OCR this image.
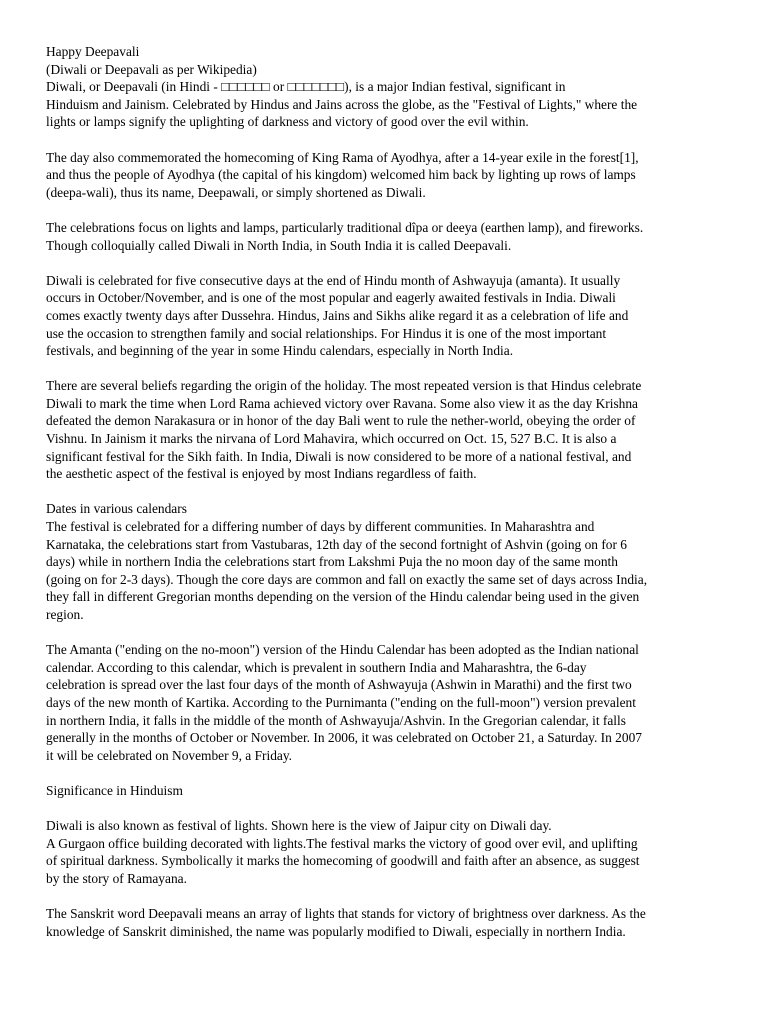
Happy Deepavali
(Diwali or Deepavali as per Wikipedia)
Diwali, or Deepavali (in Hindi - □□□□□□ or □□□□□□□), is a major Indian festival, significant in
Hinduism and Jainism. Celebrated by Hindus and Jains across the globe, as the "Festival of Lights," where the
lights or lamps signify the uplighting of darkness and victory of good over the evil within.
The day also commemorated the homecoming of King Rama of Ayodhya, after a 14-year exile in the forest[1],
and thus the people of Ayodhya (the capital of his kingdom) welcomed him back by lighting up rows of lamps
(deepa-wali), thus its name, Deepawali, or simply shortened as Diwali.
The celebrations focus on lights and lamps, particularly traditional dîpa or deeya (earthen lamp), and fireworks.
Though colloquially called Diwali in North India, in South India it is called Deepavali.
Diwali is celebrated for five consecutive days at the end of Hindu month of Ashwayuja (amanta). It usually
occurs in October/November, and is one of the most popular and eagerly awaited festivals in India. Diwali
comes exactly twenty days after Dussehra. Hindus, Jains and Sikhs alike regard it as a celebration of life and
use the occasion to strengthen family and social relationships. For Hindus it is one of the most important
festivals, and beginning of the year in some Hindu calendars, especially in North India.
There are several beliefs regarding the origin of the holiday. The most repeated version is that Hindus celebrate
Diwali to mark the time when Lord Rama achieved victory over Ravana. Some also view it as the day Krishna
defeated the demon Narakasura or in honor of the day Bali went to rule the nether-world, obeying the order of
Vishnu. In Jainism it marks the nirvana of Lord Mahavira, which occurred on Oct. 15, 527 B.C. It is also a
significant festival for the Sikh faith. In India, Diwali is now considered to be more of a national festival, and
the aesthetic aspect of the festival is enjoyed by most Indians regardless of faith.
Dates in various calendars
The festival is celebrated for a differing number of days by different communities. In Maharashtra and
Karnataka, the celebrations start from Vastubaras, 12th day of the second fortnight of Ashvin (going on for 6
days) while in northern India the celebrations start from Lakshmi Puja the no moon day of the same month
(going on for 2-3 days). Though the core days are common and fall on exactly the same set of days across India,
they fall in different Gregorian months depending on the version of the Hindu calendar being used in the given
region.
The Amanta ("ending on the no-moon") version of the Hindu Calendar has been adopted as the Indian national
calendar. According to this calendar, which is prevalent in southern India and Maharashtra, the 6-day
celebration is spread over the last four days of the month of Ashwayuja (Ashwin in Marathi) and the first two
days of the new month of Kartika. According to the Purnimanta ("ending on the full-moon") version prevalent
in northern India, it falls in the middle of the month of Ashwayuja/Ashvin. In the Gregorian calendar, it falls
generally in the months of October or November. In 2006, it was celebrated on October 21, a Saturday. In 2007
it will be celebrated on November 9, a Friday.
Significance in Hinduism
Diwali is also known as festival of lights. Shown here is the view of Jaipur city on Diwali day.
A Gurgaon office building decorated with lights.The festival marks the victory of good over evil, and uplifting
of spiritual darkness. Symbolically it marks the homecoming of goodwill and faith after an absence, as suggest
by the story of Ramayana.
The Sanskrit word Deepavali means an array of lights that stands for victory of brightness over darkness. As the
knowledge of Sanskrit diminished, the name was popularly modified to Diwali, especially in northern India.
